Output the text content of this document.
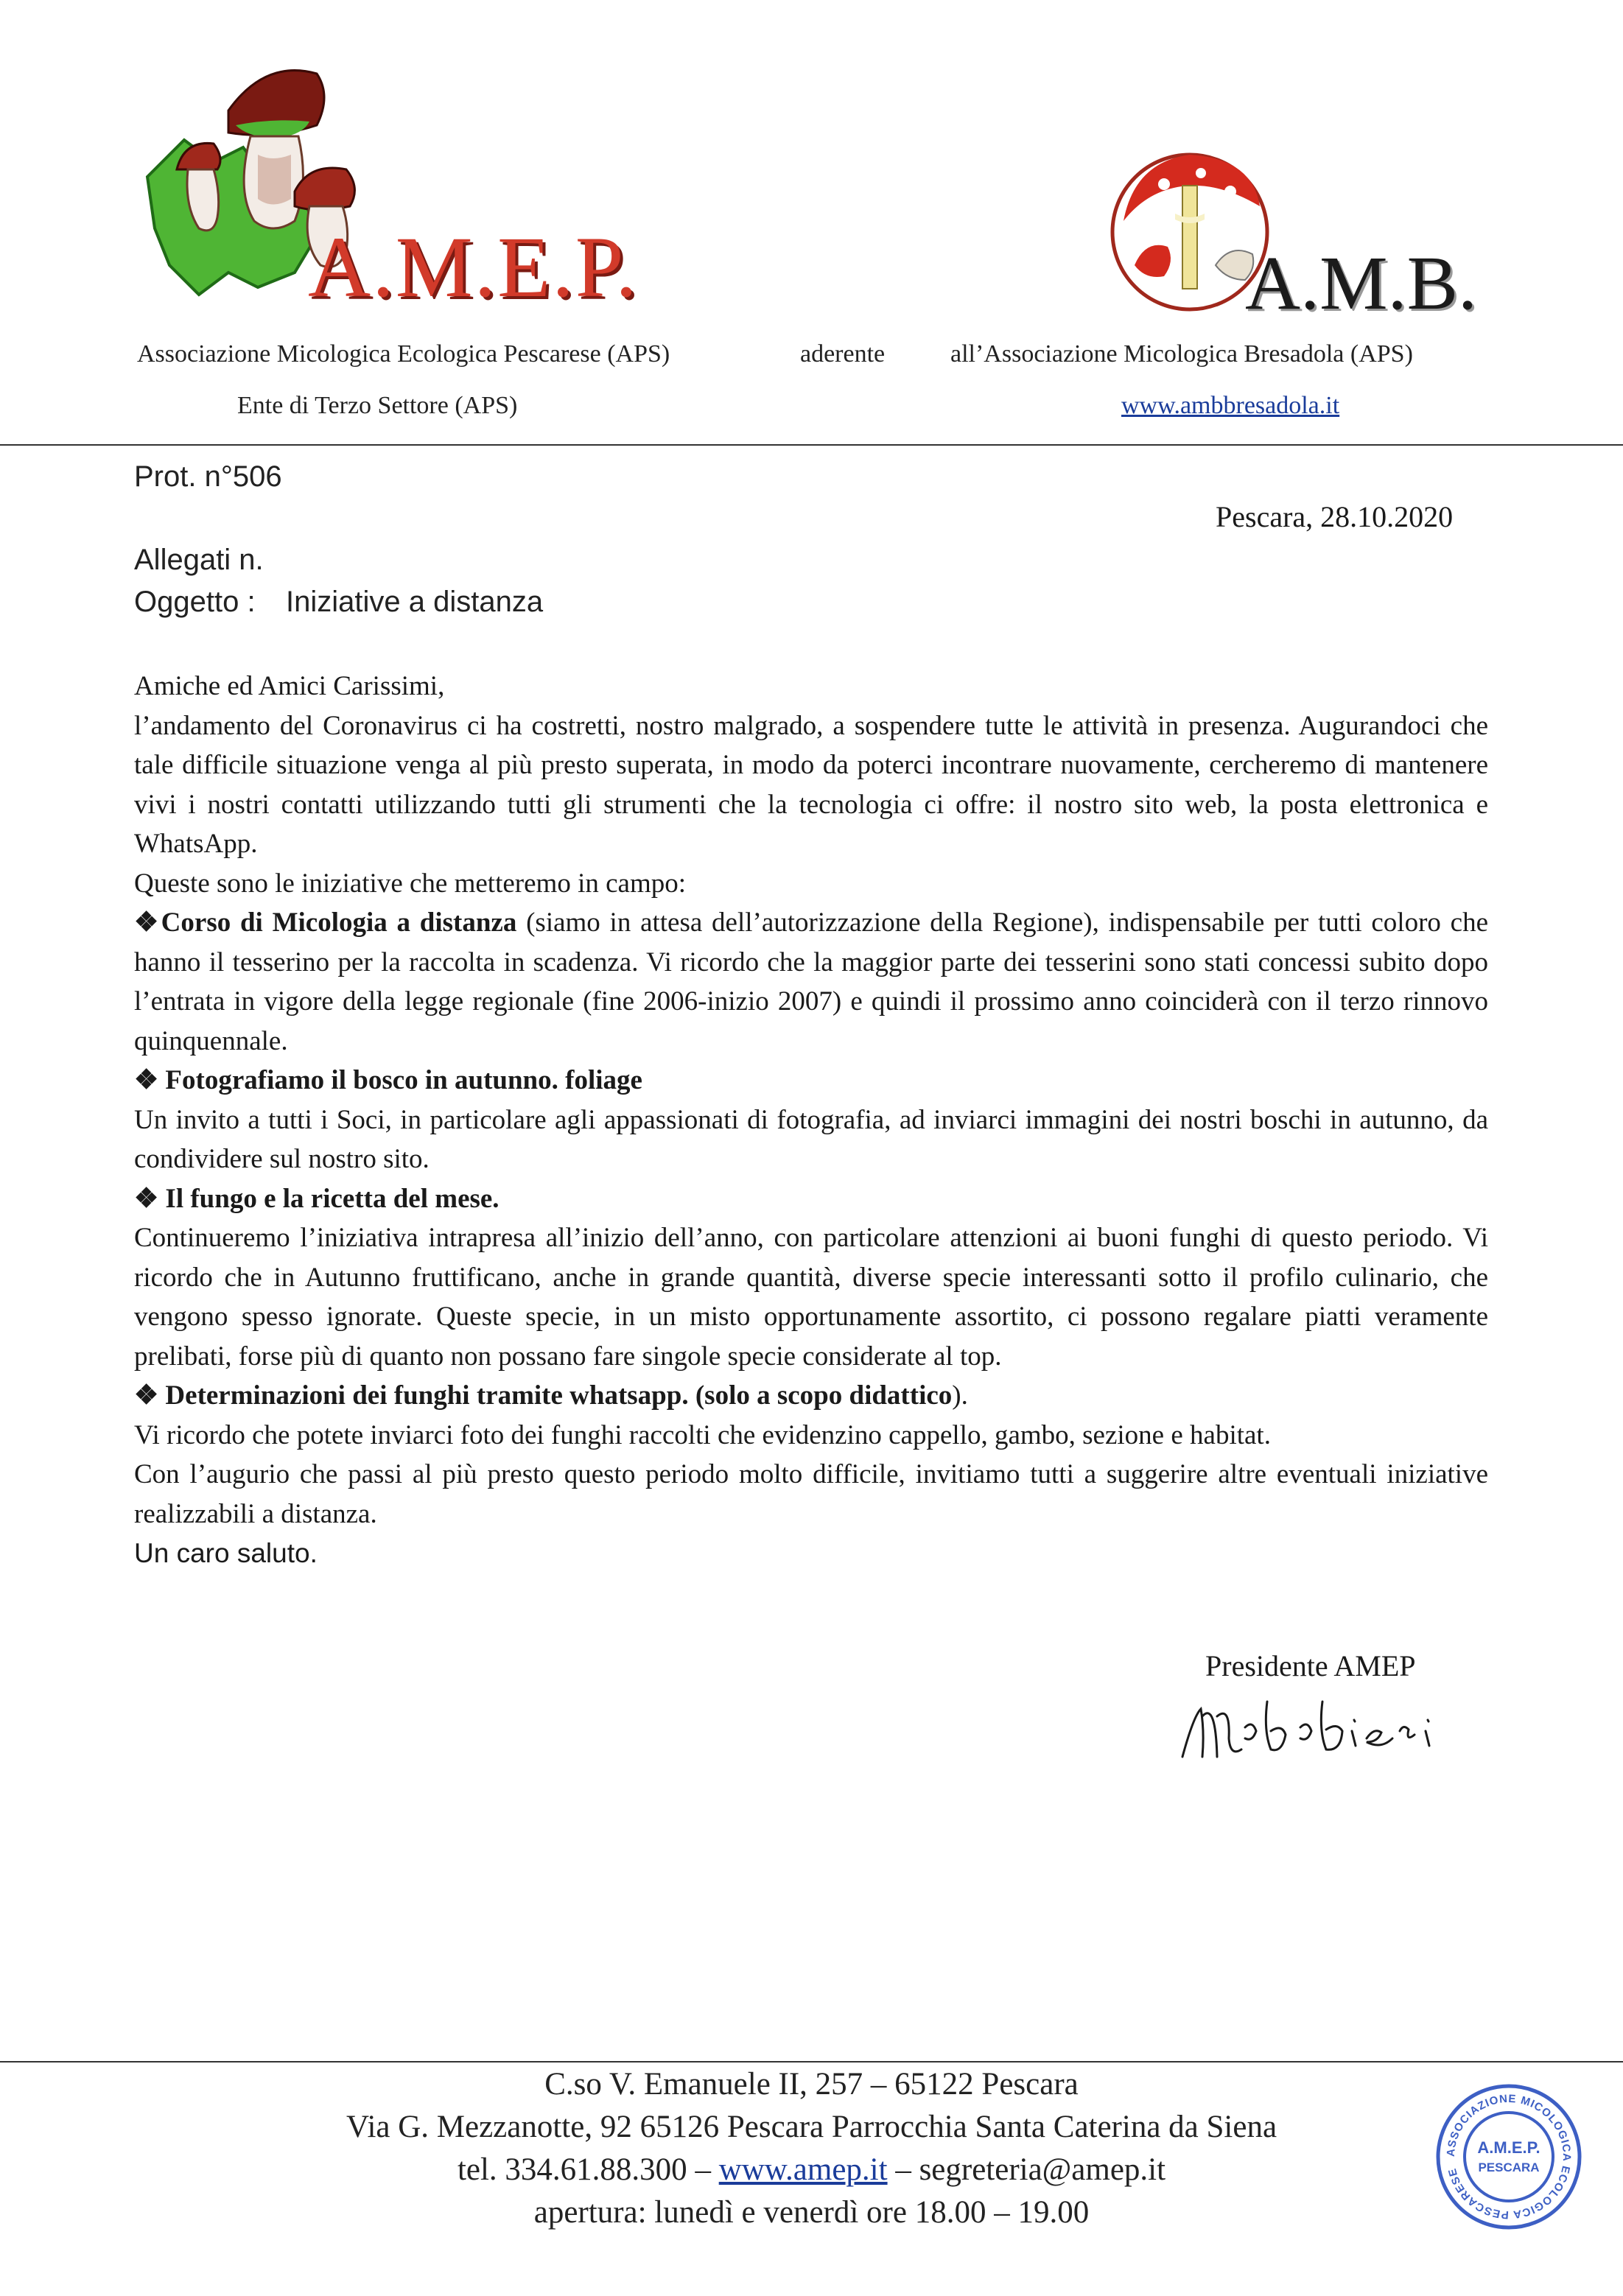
A.M.E.P.	A.M.B.
Associazione Micologica Ecologica Pescarese (APS)	aderente	all’Associazione Micologica Bresadola (APS)
Ente di Terzo Settore (APS)	www.ambbresadola.it
Prot. n°506
Pescara, 28.10.2020
Allegati n.
Oggetto : Iniziative a distanza

Amiche ed Amici Carissimi,

l’andamento del Coronavirus ci ha costretti, nostro malgrado, a sospendere tutte le attività in presenza. Augurandoci che tale difficile situazione venga al più presto superata, in modo da poterci incontrare nuovamente, cercheremo di mantenere vivi i nostri contatti utilizzando tutti gli strumenti che la tecnologia ci offre: il nostro sito web, la posta elettronica e WhatsApp.

Queste sono le iniziative che metteremo in campo:

❖Corso di Micologia a distanza (siamo in attesa dell’autorizzazione della Regione), indispensabile per tutti coloro che hanno il tesserino per la raccolta in scadenza. Vi ricordo che la maggior parte dei tesserini sono stati concessi subito dopo l’entrata in vigore della legge regionale (fine 2006-inizio 2007) e quindi il prossimo anno coinciderà con il terzo rinnovo quinquennale.

❖ Fotografiamo il bosco in autunno. foliage

Un invito a tutti i Soci, in particolare agli appassionati di fotografia, ad inviarci immagini dei nostri boschi in autunno, da condividere sul nostro sito.

❖ Il fungo e la ricetta del mese.

Continueremo l’iniziativa intrapresa all’inizio dell’anno, con particolare attenzioni ai buoni funghi di questo periodo. Vi ricordo che in Autunno fruttificano, anche in grande quantità, diverse specie interessanti sotto il profilo culinario, che vengono spesso ignorate. Queste specie, in un misto opportunamente assortito, ci possono regalare piatti veramente prelibati, forse più di quanto non possano fare singole specie considerate al top.

❖ Determinazioni dei funghi tramite whatsapp. (solo a scopo didattico).

Vi ricordo che potete inviarci foto dei funghi raccolti che evidenzino cappello, gambo, sezione e habitat.

Con l’augurio che passi al più presto questo periodo molto difficile, invitiamo tutti a suggerire altre eventuali iniziative realizzabili a distanza.

Un caro saluto.

Presidente AMEP
C.so V. Emanuele II, 257 – 65122 Pescara
Via G. Mezzanotte, 92 65126 Pescara Parrocchia Santa Caterina da Siena
tel. 334.61.88.300 – www.amep.it – segreteria@amep.it
apertura: lunedì e venerdì ore 18.00 – 19.00
ASSOCIAZIONE MICOLOGICA ECOLOGICA PESCARESE
A.M.E.P.
PESCARA
